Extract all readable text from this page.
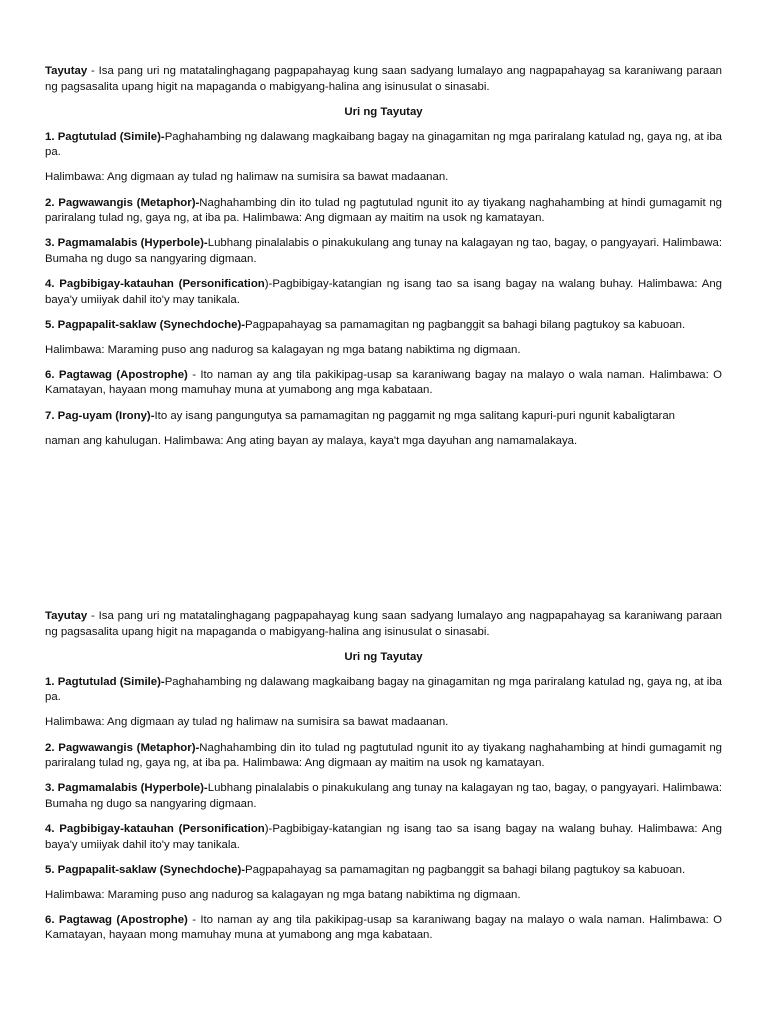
Tayutay - Isa pang uri ng matatalinghagang pagpapahayag kung saan sadyang lumalayo ang nagpapahayag sa karaniwang paraan ng pagsasalita upang higit na mapaganda o mabigyang-halina ang isinusulat o sinasabi.

Uri ng Tayutay

1. Pagtutulad (Simile)-Paghahambing ng dalawang magkaibang bagay na ginagamitan ng mga pariralang katulad ng, gaya ng, at iba pa.

Halimbawa: Ang digmaan ay tulad ng halimaw na sumisira sa bawat madaanan.

2. Pagwawangis (Metaphor)-Naghahambing din ito tulad ng pagtutulad ngunit ito ay tiyakang naghahambing at hindi gumagamit ng pariralang tulad ng, gaya ng, at iba pa. Halimbawa: Ang digmaan ay maitim na usok ng kamatayan.

3. Pagmamalabis (Hyperbole)-Lubhang pinalalabis o pinakukulang ang tunay na kalagayan ng tao, bagay, o pangyayari. Halimbawa: Bumaha ng dugo sa nangyaring digmaan.

4. Pagbibigay-katauhan (Personification)-Pagbibigay-katangian ng isang tao sa isang bagay na walang buhay. Halimbawa: Ang baya'y umiiyak dahil ito'y may tanikala.

5. Pagpapalit-saklaw (Synechdoche)-Pagpapahayag sa pamamagitan ng pagbanggit sa bahagi bilang pagtukoy sa kabuoan.

Halimbawa: Maraming puso ang nadurog sa kalagayan ng mga batang nabiktima ng digmaan.

6. Pagtawag (Apostrophe) - Ito naman ay ang tila pakikipag-usap sa karaniwang bagay na malayo o wala naman. Halimbawa: O Kamatayan, hayaan mong mamuhay muna at yumabong ang mga kabataan.

7. Pag-uyam (Irony)-Ito ay isang pangungutya sa pamamagitan ng paggamit ng mga salitang kapuri-puri ngunit kabaligtaran

naman ang kahulugan. Halimbawa: Ang ating bayan ay malaya, kaya't mga dayuhan ang namamalakaya.

Tayutay - Isa pang uri ng matatalinghagang pagpapahayag kung saan sadyang lumalayo ang nagpapahayag sa karaniwang paraan ng pagsasalita upang higit na mapaganda o mabigyang-halina ang isinusulat o sinasabi.

Uri ng Tayutay

1. Pagtutulad (Simile)-Paghahambing ng dalawang magkaibang bagay na ginagamitan ng mga pariralang katulad ng, gaya ng, at iba pa.

Halimbawa: Ang digmaan ay tulad ng halimaw na sumisira sa bawat madaanan.

2. Pagwawangis (Metaphor)-Naghahambing din ito tulad ng pagtutulad ngunit ito ay tiyakang naghahambing at hindi gumagamit ng pariralang tulad ng, gaya ng, at iba pa. Halimbawa: Ang digmaan ay maitim na usok ng kamatayan.

3. Pagmamalabis (Hyperbole)-Lubhang pinalalabis o pinakukulang ang tunay na kalagayan ng tao, bagay, o pangyayari. Halimbawa: Bumaha ng dugo sa nangyaring digmaan.

4. Pagbibigay-katauhan (Personification)-Pagbibigay-katangian ng isang tao sa isang bagay na walang buhay. Halimbawa: Ang baya'y umiiyak dahil ito'y may tanikala.

5. Pagpapalit-saklaw (Synechdoche)-Pagpapahayag sa pamamagitan ng pagbanggit sa bahagi bilang pagtukoy sa kabuoan.

Halimbawa: Maraming puso ang nadurog sa kalagayan ng mga batang nabiktima ng digmaan.

6. Pagtawag (Apostrophe) - Ito naman ay ang tila pakikipag-usap sa karaniwang bagay na malayo o wala naman. Halimbawa: O Kamatayan, hayaan mong mamuhay muna at yumabong ang mga kabataan.
